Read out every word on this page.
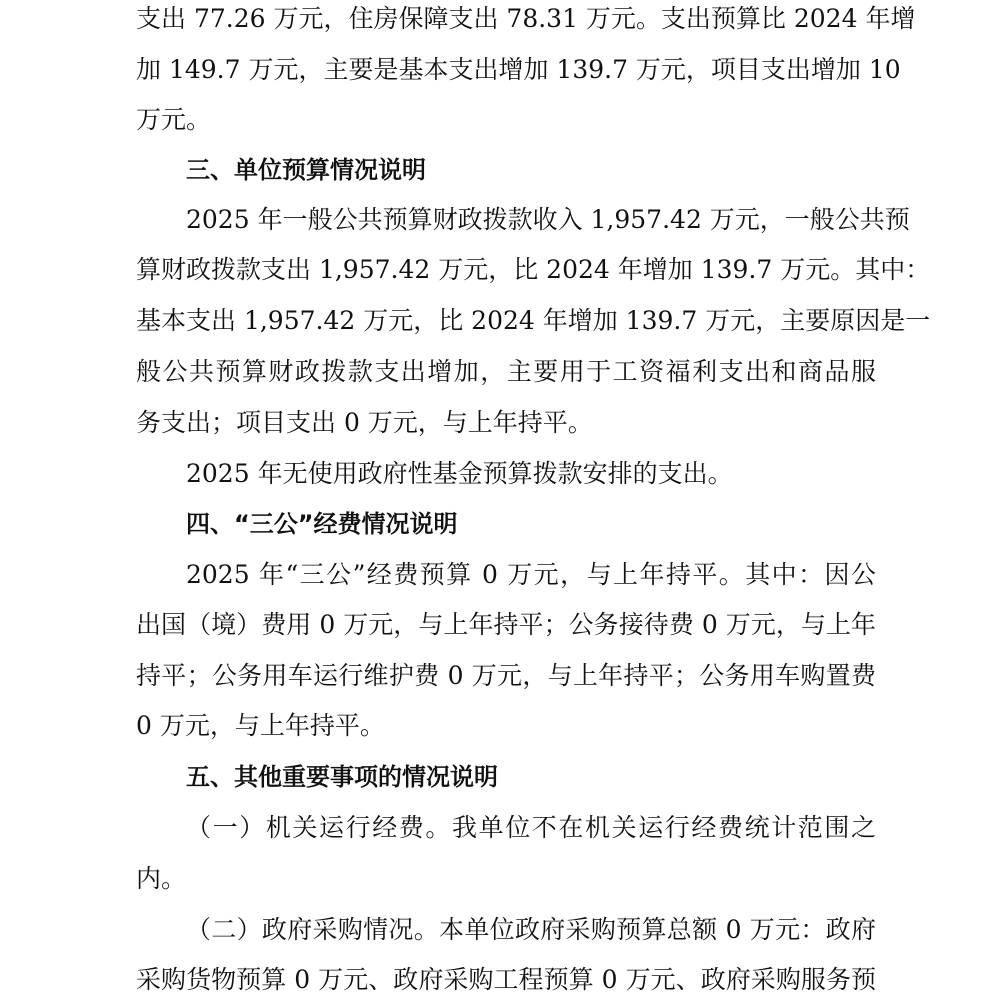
支出 77.26 万元，住房保障支出 78.31 万元。支出预算比 2024 年增

加 149.7 万元，主要是基本支出增加 139.7 万元，项目支出增加 10

万元。

三、单位预算情况说明

2025 年一般公共预算财政拨款收入 1,957.42 万元，一般公共预

算财政拨款支出 1,957.42 万元，比 2024 年增加 139.7 万元。其中：

基本支出 1,957.42 万元，比 2024 年增加 139.7 万元，主要原因是一

般公共预算财政拨款支出增加，主要用于工资福利支出和商品服

务支出；项目支出 0 万元，与上年持平。

2025 年无使用政府性基金预算拨款安排的支出。

四、“三公”经费情况说明

2025 年“三公”经费预算 0 万元，与上年持平。其中：因公

出国（境）费用 0 万元，与上年持平；公务接待费 0 万元，与上年

持平；公务用车运行维护费 0 万元，与上年持平；公务用车购置费

0 万元，与上年持平。

五、其他重要事项的情况说明

（一）机关运行经费。我单位不在机关运行经费统计范围之

内。

（二）政府采购情况。本单位政府采购预算总额 0 万元：政府

采购货物预算 0 万元、政府采购工程预算 0 万元、政府采购服务预
